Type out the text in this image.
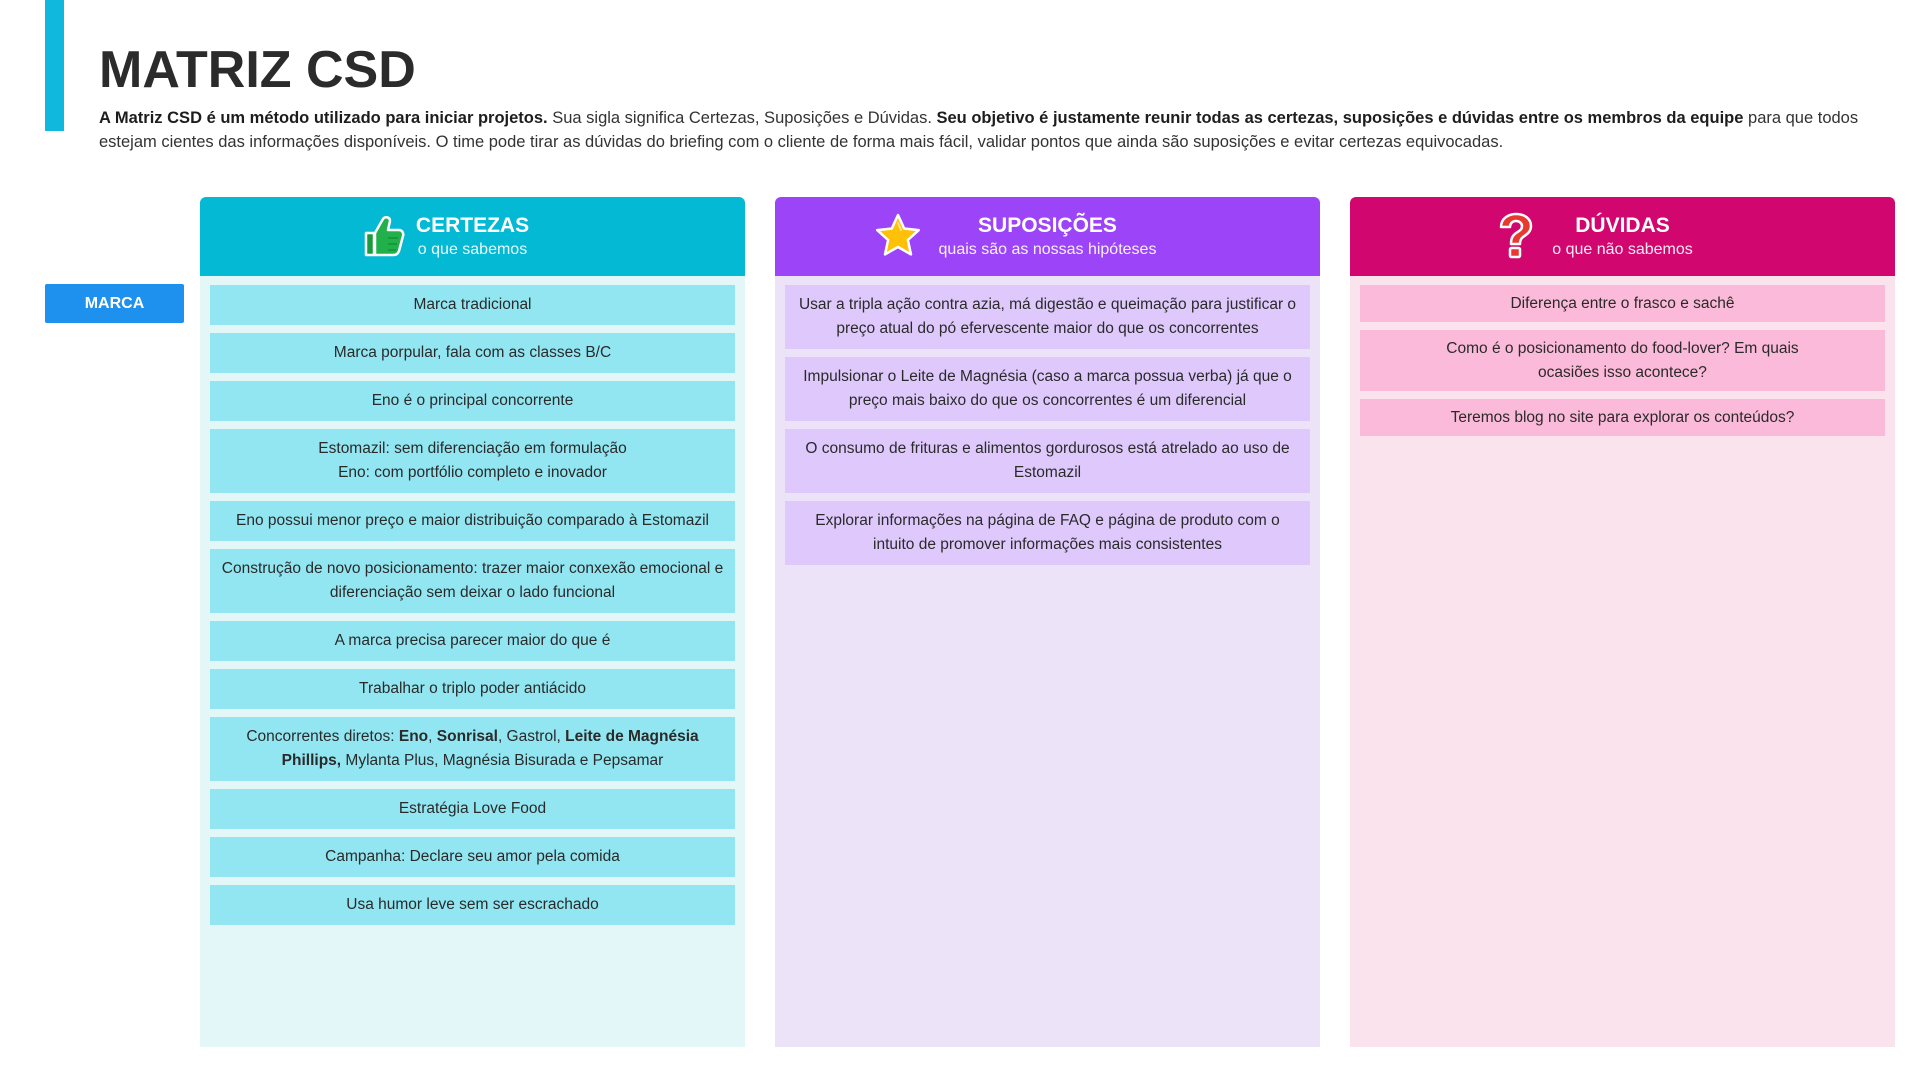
MATRIZ CSD

A Matriz CSD é um método utilizado para iniciar projetos. Sua sigla significa Certezas, Suposições e Dúvidas. Seu objetivo é justamente reunir todas as certezas, suposições e dúvidas entre os membros da equipe para que todos estejam cientes das informações disponíveis. O time pode tirar as dúvidas do briefing com o cliente de forma mais fácil, validar pontos que ainda são suposições e evitar certezas equivocadas.

MARCA
CERTEZAS
o que sabemos
Marca tradicional
Marca porpular, fala com as classes B/C
Eno é o principal concorrente
Estomazil: sem diferenciação em formulação
Eno: com portfólio completo e inovador
Eno possui menor preço e maior distribuição comparado à Estomazil
Construção de novo posicionamento: trazer maior conxexão emocional e diferenciação sem deixar o lado funcional
A marca precisa parecer maior do que é
Trabalhar o triplo poder antiácido
Concorrentes diretos: Eno, Sonrisal, Gastrol, Leite de Magnésia Phillips, Mylanta Plus, Magnésia Bisurada e Pepsamar
Estratégia Love Food
Campanha: Declare seu amor pela comida
Usa humor leve sem ser escrachado
SUPOSIÇÕES
quais são as nossas hipóteses
Usar a tripla ação contra azia, má digestão e queimação para justificar o preço atual do pó efervescente maior do que os concorrentes
Impulsionar o Leite de Magnésia (caso a marca possua verba) já que o preço mais baixo do que os concorrentes é um diferencial
O consumo de frituras e alimentos gordurosos está atrelado ao uso de Estomazil
Explorar informações na página de FAQ e página de produto com o intuito de promover informações mais consistentes
DÚVIDAS
o que não sabemos
Diferença entre o frasco e sachê
Como é o posicionamento do food-lover? Em quais ocasiões isso acontece?
Teremos blog no site para explorar os conteúdos?
